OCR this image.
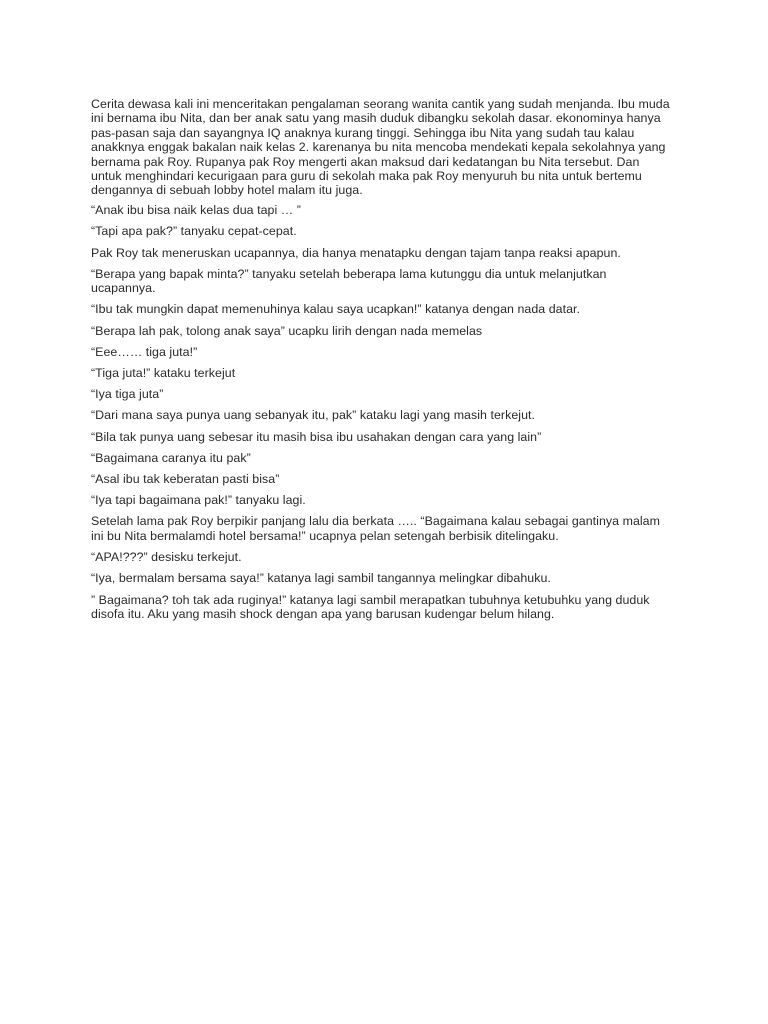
Cerita dewasa kali ini menceritakan pengalaman seorang wanita cantik yang sudah menjanda. Ibu muda ini bernama ibu Nita, dan ber anak satu yang masih duduk dibangku sekolah dasar. ekonominya hanya pas-pasan saja dan sayangnya IQ anaknya kurang tinggi. Sehingga ibu Nita yang sudah tau kalau anakknya enggak bakalan naik kelas 2. karenanya bu nita mencoba mendekati kepala sekolahnya yang bernama pak Roy. Rupanya pak Roy mengerti akan maksud dari kedatangan bu Nita tersebut. Dan untuk menghindari kecurigaan para guru di sekolah maka pak Roy menyuruh bu nita untuk bertemu dengannya di sebuah lobby hotel malam itu juga.

“Anak ibu bisa naik kelas dua tapi … ”

“Tapi apa pak?” tanyaku cepat-cepat.

Pak Roy tak meneruskan ucapannya, dia hanya menatapku dengan tajam tanpa reaksi apapun.

“Berapa yang bapak minta?” tanyaku setelah beberapa lama kutunggu dia untuk melanjutkan ucapannya.

“Ibu tak mungkin dapat memenuhinya kalau saya ucapkan!” katanya dengan nada datar.

“Berapa lah pak, tolong anak saya” ucapku lirih dengan nada memelas

“Eee…… tiga juta!”

“Tiga juta!” kataku terkejut

“Iya tiga juta”

“Dari mana saya punya uang sebanyak itu, pak” kataku lagi yang masih terkejut.

“Bila tak punya uang sebesar itu masih bisa ibu usahakan dengan cara yang lain”

“Bagaimana caranya itu pak”

“Asal ibu tak keberatan pasti bisa”

“Iya tapi bagaimana pak!” tanyaku lagi.

Setelah lama pak Roy berpikir panjang lalu dia berkata ….. “Bagaimana kalau sebagai gantinya malam ini bu Nita bermalamdi hotel bersama!” ucapnya pelan setengah berbisik ditelingaku.

“APA!???” desisku terkejut.

“Iya, bermalam bersama saya!” katanya lagi sambil tangannya melingkar dibahuku.

” Bagaimana? toh tak ada ruginya!” katanya lagi sambil merapatkan tubuhnya ketubuhku yang duduk disofa itu. Aku yang masih shock dengan apa yang barusan kudengar belum hilang.
